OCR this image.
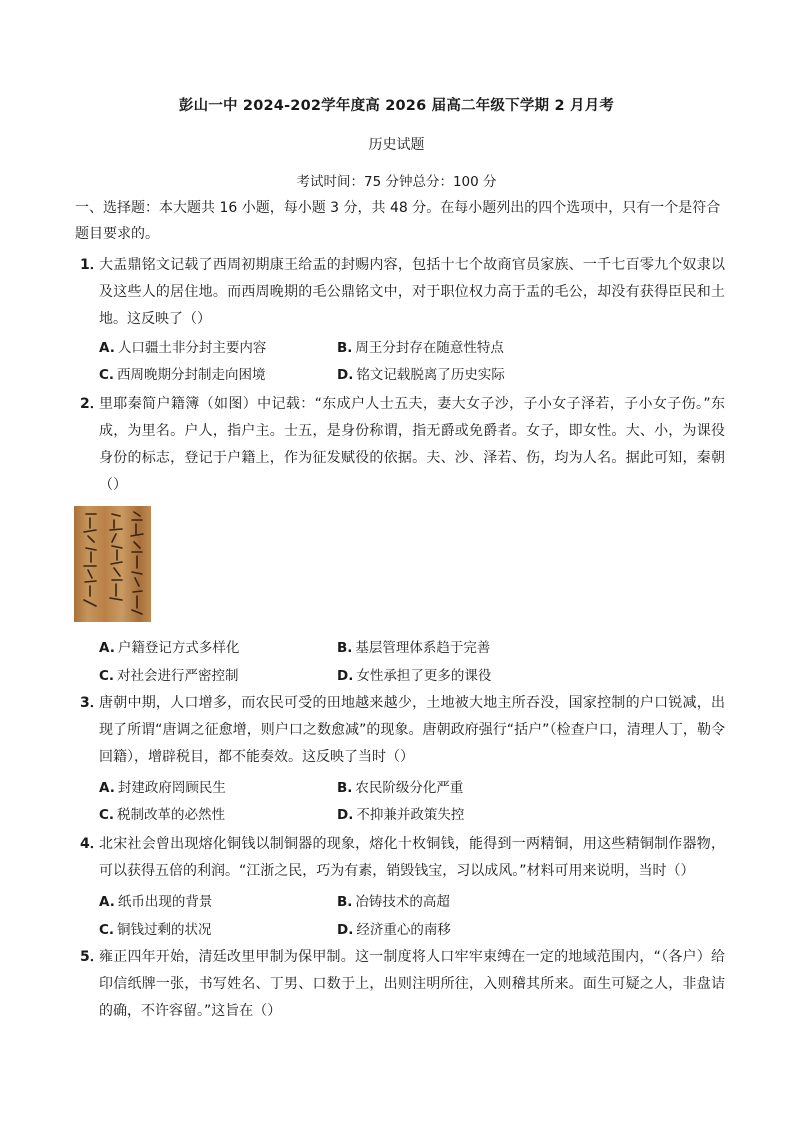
彭山一中 2024-202学年度高 2026 届高二年级下学期 2 月月考
历史试题
考试时间：75 分钟总分：100 分
一、选择题：本大题共 16 小题，每小题 3 分，共 48 分。在每小题列出的四个选项中，只有一个是符合题目要求的。
1．
大盂鼎铭文记载了西周初期康王给盂的封赐内容，包括十七个故商官员家族、一千七百零九个奴隶以及这些人的居住地。而西周晚期的毛公鼎铭文中，对于职位权力高于盂的毛公，却没有获得臣民和土地。这反映了（）
A. 人口疆土非分封主要内容	B. 周王分封存在随意性特点
C. 西周晚期分封制走向困境	D. 铭文记载脱离了历史实际
2．
里耶秦简户籍簿（如图）中记载：“东成户人士五夫，妻大女子沙，子小女子泽若，子小女子伤。”东成，为里名。户人，指户主。士五，是身份称谓，指无爵或免爵者。女子，即女性。大、小，为课役身份的标志，登记于户籍上，作为征发赋役的依据。夫、沙、泽若、伤，均为人名。据此可知，秦朝（）
A. 户籍登记方式多样化	B. 基层管理体系趋于完善
C. 对社会进行严密控制	D. 女性承担了更多的课役
3．
唐朝中期，人口增多，而农民可受的田地越来越少，土地被大地主所吞没，国家控制的户口锐减，出现了所谓“唐调之征愈增，则户口之数愈减”的现象。唐朝政府强行“括户”（检查户口，清理人丁，勒令回籍），增辟税目，都不能奏效。这反映了当时（）
A. 封建政府罔顾民生	B. 农民阶级分化严重
C. 税制改革的必然性	D. 不抑兼并政策失控
4．
北宋社会曾出现熔化铜钱以制铜器的现象，熔化十枚铜钱，能得到一两精铜，用这些精铜制作器物，可以获得五倍的利润。“江浙之民，巧为有素，销毁钱宝，习以成风。”材料可用来说明，当时（）
A. 纸币出现的背景	B. 冶铸技术的高超
C. 铜钱过剩的状况	D. 经济重心的南移
5．
雍正四年开始，清廷改里甲制为保甲制。这一制度将人口牢牢束缚在一定的地域范围内，“（各户）给印信纸牌一张，书写姓名、丁男、口数于上，出则注明所往，入则稽其所来。面生可疑之人，非盘诘的确，不许容留。”这旨在（）
